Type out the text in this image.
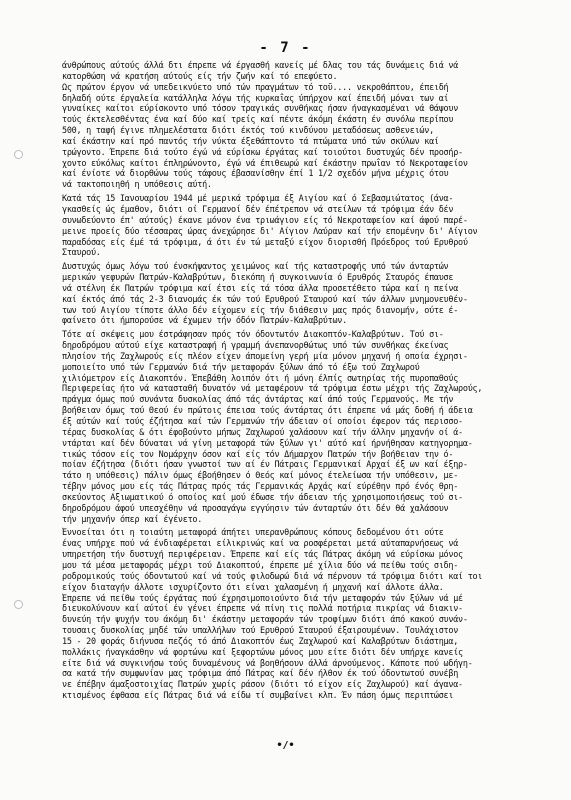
- 7 -
άνθρώπους αύτούς άλλά δτι έπρεπε νά έργασθή κανείς μέ δλας του τάς δυνάμεις διά νά
κατορθώση νά κρατήση αύτούς είς τήν ζωήν καί τό επεφύετο.
Ως πρώτον έργον νά υπεδεικνύετο υπό τών πραγμάτων τό τοῦ.... νεκροθάπτου, έπειδή
δηλαδή ούτε έργαλεία κατάλληλα λόγω τής κυρκαΐας ύπήρχον καί έπειδή μόναι των αί
γυναίκες καίτοι εύρίσκοντο υπό τόσον τραγικάς συνθήκας ήσαν ήναγκασμέναι νά θάψουν
τούς έκτελεσθέντας ένα καί δύο καί τρείς καί πέντε άκόμη έκάστη έν συνόλω περίπου
500, η ταφή έγινε πλημελέστατα διότι έκτός τού κινδύνου μεταδόσεως ασθενειών,
καί έκάστην καί πρό παντός τήν νύκτα έξεθάπτοντο τά πτώματα υπό τών σκύλων καί
τρώγοντο. Έπρεπε διά τούτο έγώ νά εύρίσκω έργάτας καί τοιούτοι δυστυχώς δέν προσήρ-
χοντο εύκόλως καίτοι έπληρώνοντο, έγώ νά έπιθεωρώ καί έκάστην πρωΐαν τό Νεκροταφείον
καί ένίοτε νά διορθώνω τούς τάφους έβασανίσθην έπί 1 1/2 σχεδόν μήνα μέχρις ότου
νά τακτοποιηθή η υπόθεσις αύτή.
Κατά τάς 15 Ιανουαρίου 1944 μέ μερικά τρόφιμα έξ Αιγίου καί ό Σεβασμιώτατος (άνα-
γκασθείς ώς έμαθον, διότι οί Γερμανοί δέν έπέτρεπον νά στείλων τά τρόφιμα έάν δέν
συνωδεύοντο έπ' αύτούς) έκανε μόνον ένα τριωάγιον είς τό Νεκροταφείον καί άφού παρέ-
μεινε προείς δύο τέσσαρας ώρας άνεχώρησε δι' Αίγιον Λαύραν καί τήν επομένην δι' Αίγιον
παραδόσας είς έμέ τά τρόφιμα, ά ότι έν τώ μεταξύ είχον διορισθή Πρόεδρος τού Ερυθρού
Σταυρού.
Δυστυχώς όμως λόγω τού ένσκήψαντος χειμώνος καί τής καταστροφής υπό τών άνταρτών
μερικών γεφυρών Πατρών-Καλαβρύτων, διεκόπη ή συγκοινωνία ό Ερυθρός Σταυρός έπαυσε
νά στέλνη έκ Πατρών τρόφιμα καί έτσι είς τά τόσα άλλα προσετέθετο τώρα καί η πείνα
καί έκτός άπό τάς 2-3 διανομάς έκ τών τού Ερυθρού Σταυρού καί τών άλλων μνημονευθέν-
των τού Αιγίου τίποτε άλλο δέν είχομεν είς τήν διάθεσιν μας πρός διανομήν, ούτε έ-
φαίνετο ότι ήμπορούσε νά έχωμεν τήν όδόν Πατρών-Καλαβρύτων.
Τότε αί σκέψεις μου έστράφησαν πρός τόν όδοντωτόν Διακοπτόν-Καλαβρύτων. Τού σι-
δηροδρόμου αύτού είχε καταστραφή ή γραμμή άνεπανορθώτως υπό τών συνθήκας έκείνας
πλησίον τής Ζαχλωρούς είς πλέον είχεν άπομείνη γερή μία μόνον μηχανή ή οποία έχρησι-
μοποιείτο υπό τών Γερμανών διά τήν μεταφοράν ξύλων άπό τό έξω τού Ζαχλωρού
χιλιόμετρον είς Διακοπτόν. Έπεβάθη λοιπόν ότι ή μόνη έλπίς σωτηρίας τής πυροπαθούς
Περιφερείας ήτο νά κατασταθή δυνατόν νά μεταφέρουν τά τρόφιμα έστω μέχρι τής Ζαχλωρούς,
πράγμα όμως πού συνάντα δυσκολίας άπό τάς άντάρτας καί άπό τούς Γερμανούς. Με τήν
βοήθειαν όμως τού Θεού έν πρώτοις έπεισα τούς άντάρτας ότι έπρεπε νά μάς δοθή ή άδεια
έξ αύτών καί τούς έζήτησα καί τών Γερμανών τήν άδειαν οί οποίοι έφερον τάς περισσο-
τέρας δυσκολίας & ότι έφοβούντο μήπως Ζαχλωρού χαλάσουν καί τήν άλλην μηχανήν οί ά-
ντάρται καί δέν δύναται νά γίνη μεταφορά τών ξύλων γι' αύτό καί ήρνήθησαν κατηγορημα-
τικώς τόσον είς τον Νομάρχην όσον καί είς τόν Δήμαρχον Πατρών τήν βοήθειαν την ό-
ποίαν έζήτησα (διότι ήσαν γνωστοί των αί έν Πάτραις Γερμανικαί Αρχαί έξ ων καί έξηρ-
τάτο η υπόθεσις) πάλιν όμως έβοήθησεν ό Θεός καί μόνος έτελείωσα τήν υπόθεσιν, με-
τέβην μόνος μου είς τάς Πάτρας πρός τάς Γερμανικάς Αρχάς καί εύρέθην πρό ένός θρη-
σκεύοντος Αξιωματικού ό οποίος καί μού έδωσε τήν άδειαν τής χρησιμοποιήσεως τού σι-
δηροδρόμου άφού υπεσχέθην νά προσαγάγω εγγύησιν τών άνταρτών ότι δέν θά χαλάσουν
τήν μηχανήν όπερ καί έγένετο.
Έννοείται ότι η τοιαύτη μεταφορά άπήτει υπερανθρώπους κόπους δεδομένου ότι ούτε
ένας υπήρχε πού νά ένδιαφέρεται είλικρινώς καί να ροσφέρεται μετά αύταπαρνήσεως νά
υπηρετήση τήν δυστυχή περιφέρειαν. Έπρεπε καί είς τάς Πάτρας άκόμη νά εύρίσκω μόνος
μου τά μέσα μεταφοράς μέχρι τού Διακοπτού, έπρεπε μέ χίλια δύο νά πείθω τούς σιδη-
ροδρομικούς τούς όδοντωτού καί νά τούς φιλοδωρώ διά νά πέρνουν τά τρόφιμα διότι καί τοι
είχον διαταγήν άλλοτε ισχυρίζοντο ότι είναι χαλασμένη ή μηχανή καί άλλοτε άλλα.
Έπρεπε νά πείθω τούς έργάτας πού έχρησιμοποιούντο διά τήν μεταφοράν τών ξύλων νά μέ
διευκολύνουν καί αύτοί έν γένει έπρεπε νά πίνη τις πολλά ποτήρια πικρίας νά διακιν-
δυνεύη τήν ψυχήν του άκόμη δι' έκάστην μεταφοράν τών τροφίμων διότι άπό κακού συνάν-
τουσαις δυσκολίας μηδέ τών υπαλλήλων τού Ερυθρού Σταυρού έξαιρουμένων. Τουλάχιστον
15 - 20 φοράς διήνυσα πεζός τό άπό Διακοπτόν έως Ζαχλωρού καί Καλαβρύτων διάστημα,
πολλάκις ήναγκάσθην νά φορτώνω καί ξεφορτώνω μόνος μου είτε διότι δέν υπήρχε κανείς
είτε διά νά συγκινήσω τούς δυναμένους νά βοηθήσουν άλλά άρνούμενος. Κάποτε πού ωδήγη-
σα κατά τήν συμφωνίαν μας τρόφιμα άπό Πάτρας καί δέν ήλθον έκ τού όδοντωτού συνέβη
νε έπέβην άμαξοστοιχίας Πατρών χωρίς ράσον (διότι τό είχον είς Ζαχλωρού) καί άγανα-
κτισμένος έφθασα είς Πάτρας διά νά είδω τί συμβαίνει κλπ. Έν πάση όμως περιπτώσει
•/•
